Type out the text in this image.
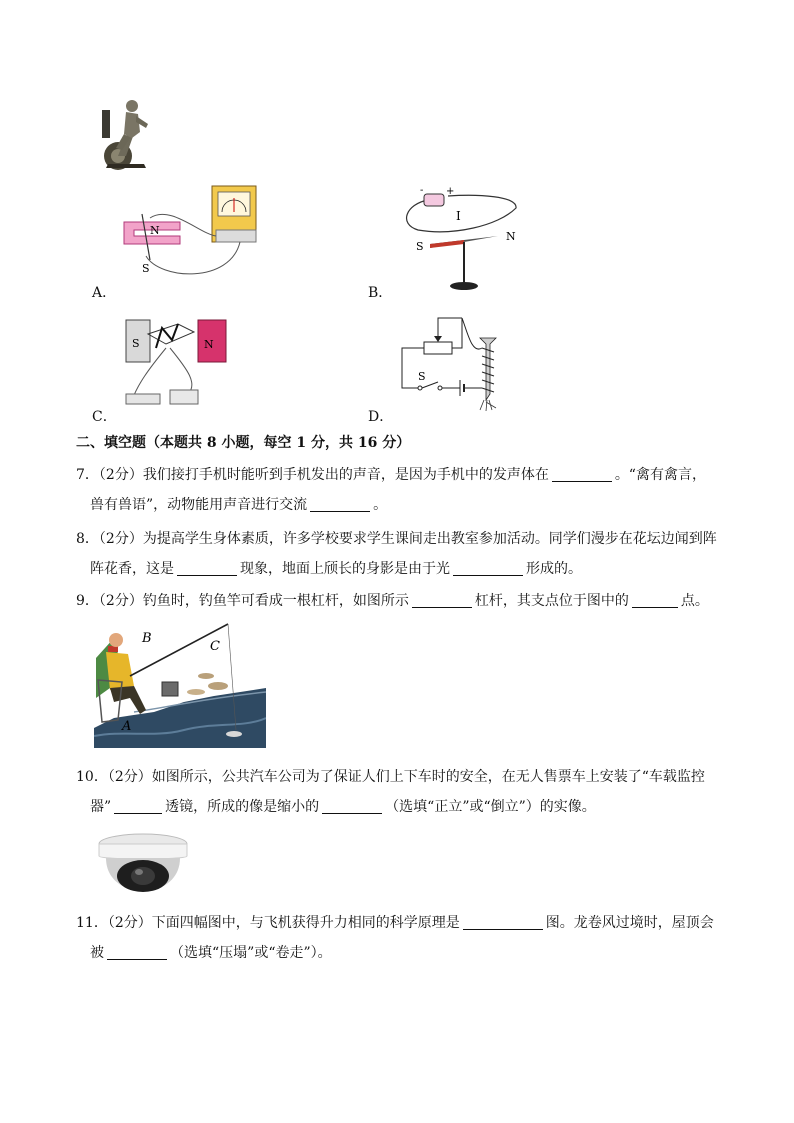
N
S
A．
- +
I
S
N
B．
S	N
C．
S
D．
二、填空题（本题共 8 小题，每空 1 分，共 16 分）
7．（2分）我们接打手机时能听到手机发出的声音，是因为手机中的发声体在	。“禽有禽言，
兽有兽语”，动物能用声音进行交流	。
8．（2分）为提高学生身体素质，许多学校要求学生课间走出教室参加活动。同学们漫步在花坛边闻到阵
阵花香，这是	现象，地面上颀长的身影是由于光	形成的。
9．（2分）钓鱼时，钓鱼竿可看成一根杠杆，如图所示	杠杆，其支点位于图中的	点。
B
C
A
10．（2分）如图所示，公共汽车公司为了保证人们上下车时的安全，在无人售票车上安装了“车载监控
器”	透镜，所成的像是缩小的	（选填“正立”或“倒立”）的实像。
11．（2分）下面四幅图中，与飞机获得升力相同的科学原理是	图。龙卷风过境时，屋顶会
被	（选填“压塌”或“卷走”）。
